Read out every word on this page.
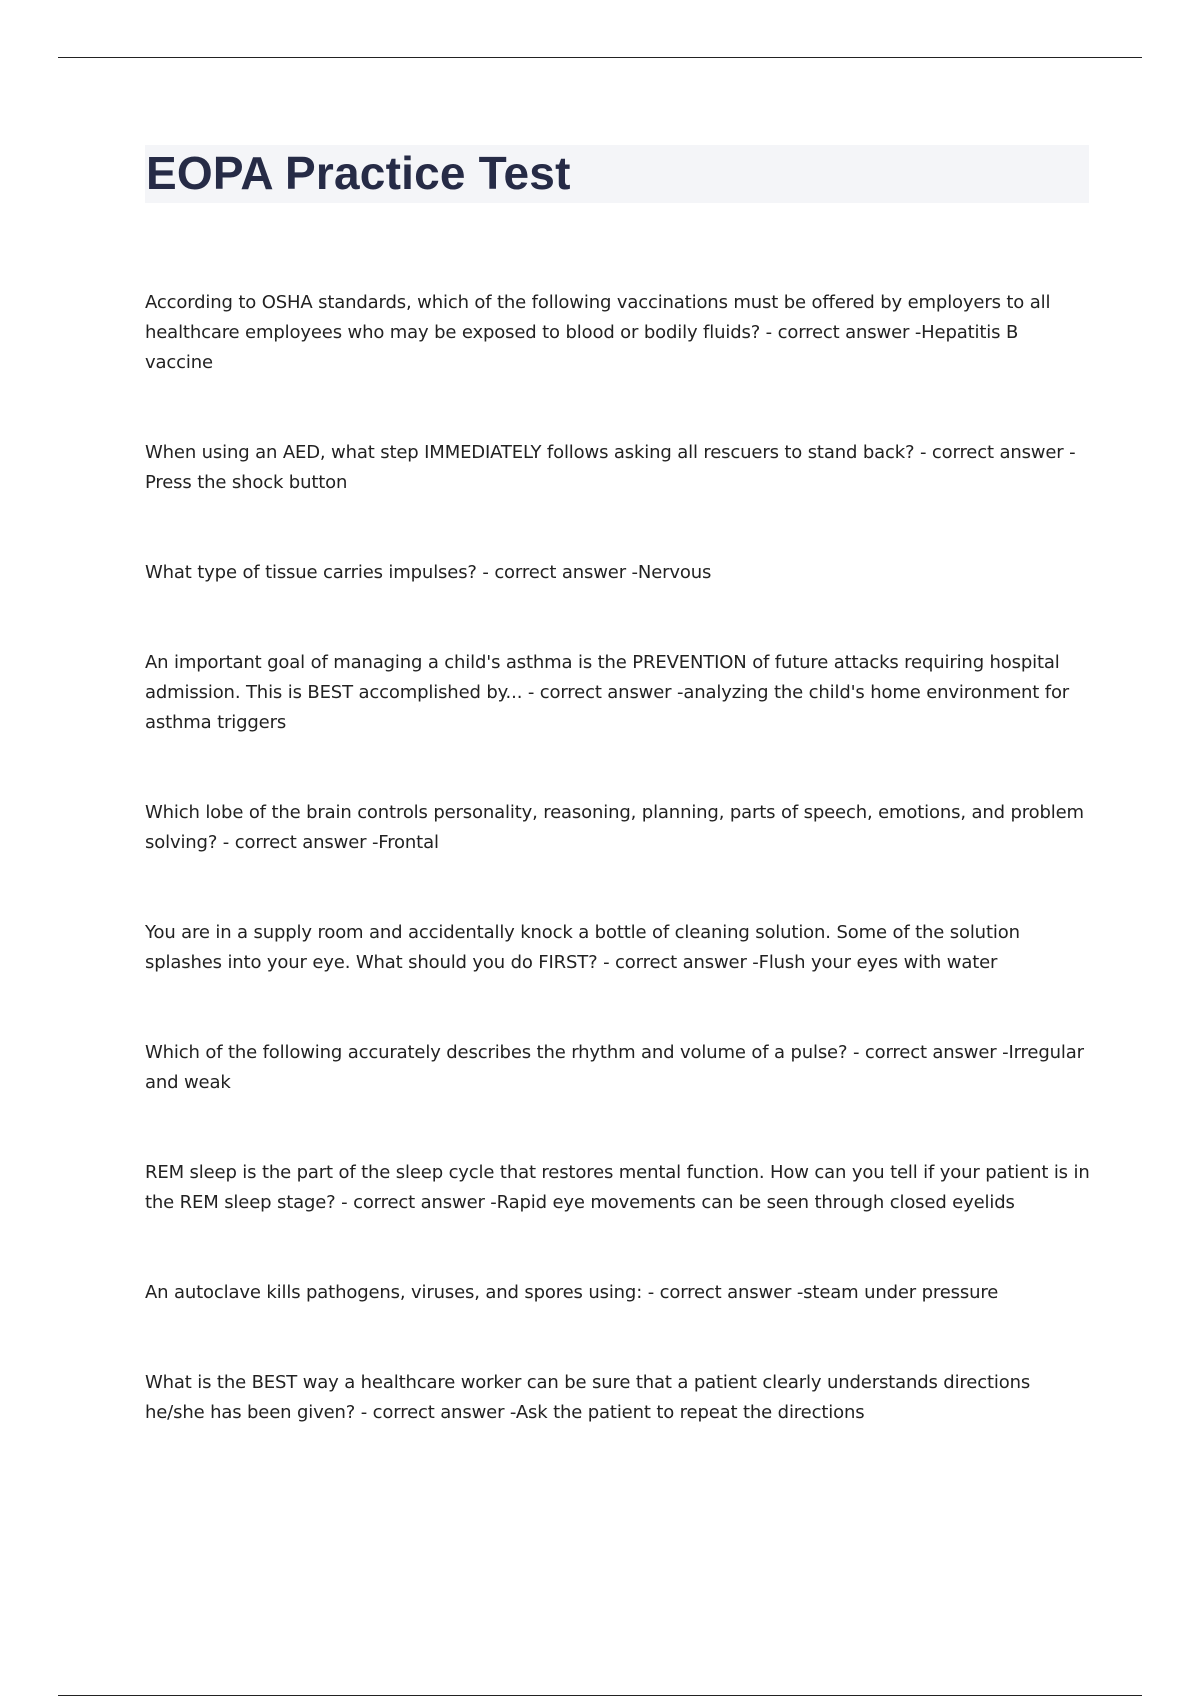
EOPA Practice Test
According to OSHA standards, which of the following vaccinations must be offered by employers to all healthcare employees who may be exposed to blood or bodily fluids? - correct answer -Hepatitis B vaccine
When using an AED, what step IMMEDIATELY follows asking all rescuers to stand back? - correct answer -Press the shock button
What type of tissue carries impulses? - correct answer -Nervous
An important goal of managing a child's asthma is the PREVENTION of future attacks requiring hospital admission. This is BEST accomplished by... - correct answer -analyzing the child's home environment for asthma triggers
Which lobe of the brain controls personality, reasoning, planning, parts of speech, emotions, and problem solving? - correct answer -Frontal
You are in a supply room and accidentally knock a bottle of cleaning solution. Some of the solution splashes into your eye. What should you do FIRST? - correct answer -Flush your eyes with water
Which of the following accurately describes the rhythm and volume of a pulse? - correct answer -Irregular and weak
REM sleep is the part of the sleep cycle that restores mental function. How can you tell if your patient is in the REM sleep stage? - correct answer -Rapid eye movements can be seen through closed eyelids
An autoclave kills pathogens, viruses, and spores using: - correct answer -steam under pressure
What is the BEST way a healthcare worker can be sure that a patient clearly understands directions he/she has been given? - correct answer -Ask the patient to repeat the directions
